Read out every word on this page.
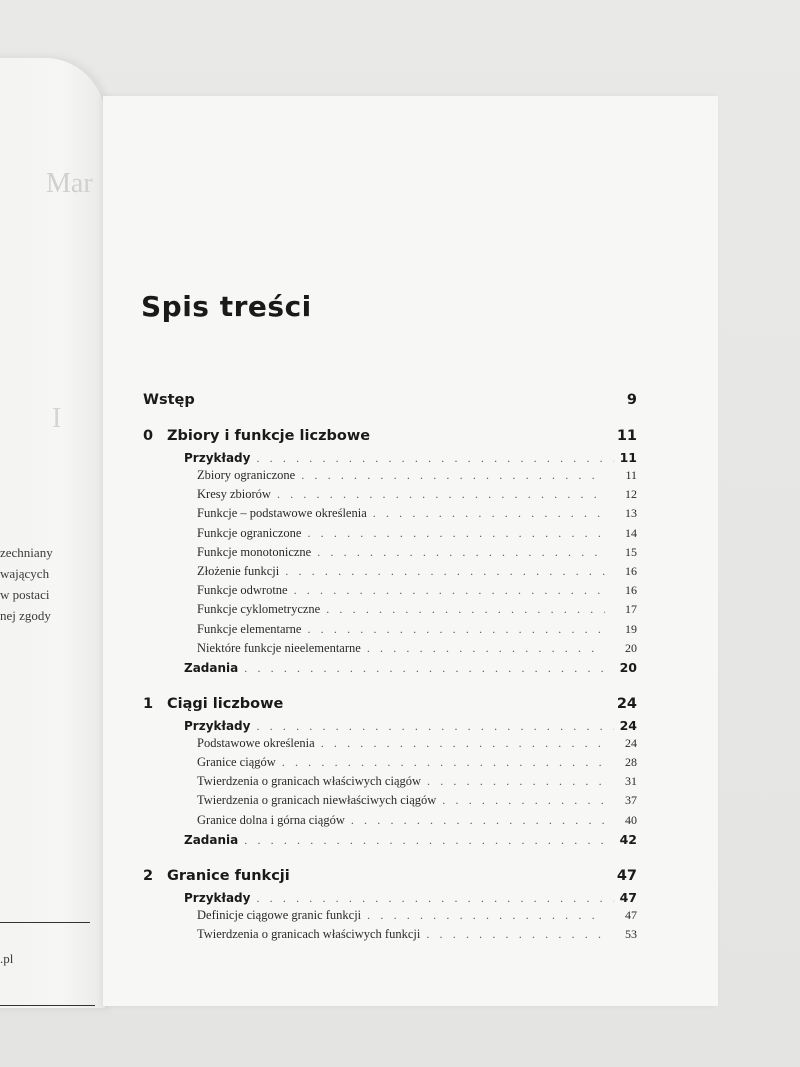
Mar
I
zechniany
wających
w postaci
nej zgody
.pl
Spis treści
Wstęp	9
0 Zbiory i funkcje liczbowe	11
Przykłady . . .	11
Zbiory ograniczone . . .	11
Kresy zbiorów . . .	12
Funkcje – podstawowe określenia . . .	13
Funkcje ograniczone . . .	14
Funkcje monotoniczne . . .	15
Złożenie funkcji . . .	16
Funkcje odwrotne . . .	16
Funkcje cyklometryczne . . .	17
Funkcje elementarne . . .	19
Niektóre funkcje nieelementarne . . .	20
Zadania . . .	20
1 Ciągi liczbowe	24
Przykłady . . .	24
Podstawowe określenia . . .	24
Granice ciągów . . .	28
Twierdzenia o granicach właściwych ciągów . . .	31
Twierdzenia o granicach niewłaściwych ciągów . . .	37
Granice dolna i górna ciągów . . .	40
Zadania . . .	42
2 Granice funkcji	47
Przykłady . . .	47
Definicje ciągowe granic funkcji . . .	47
Twierdzenia o granicach właściwych funkcji . . .	53
